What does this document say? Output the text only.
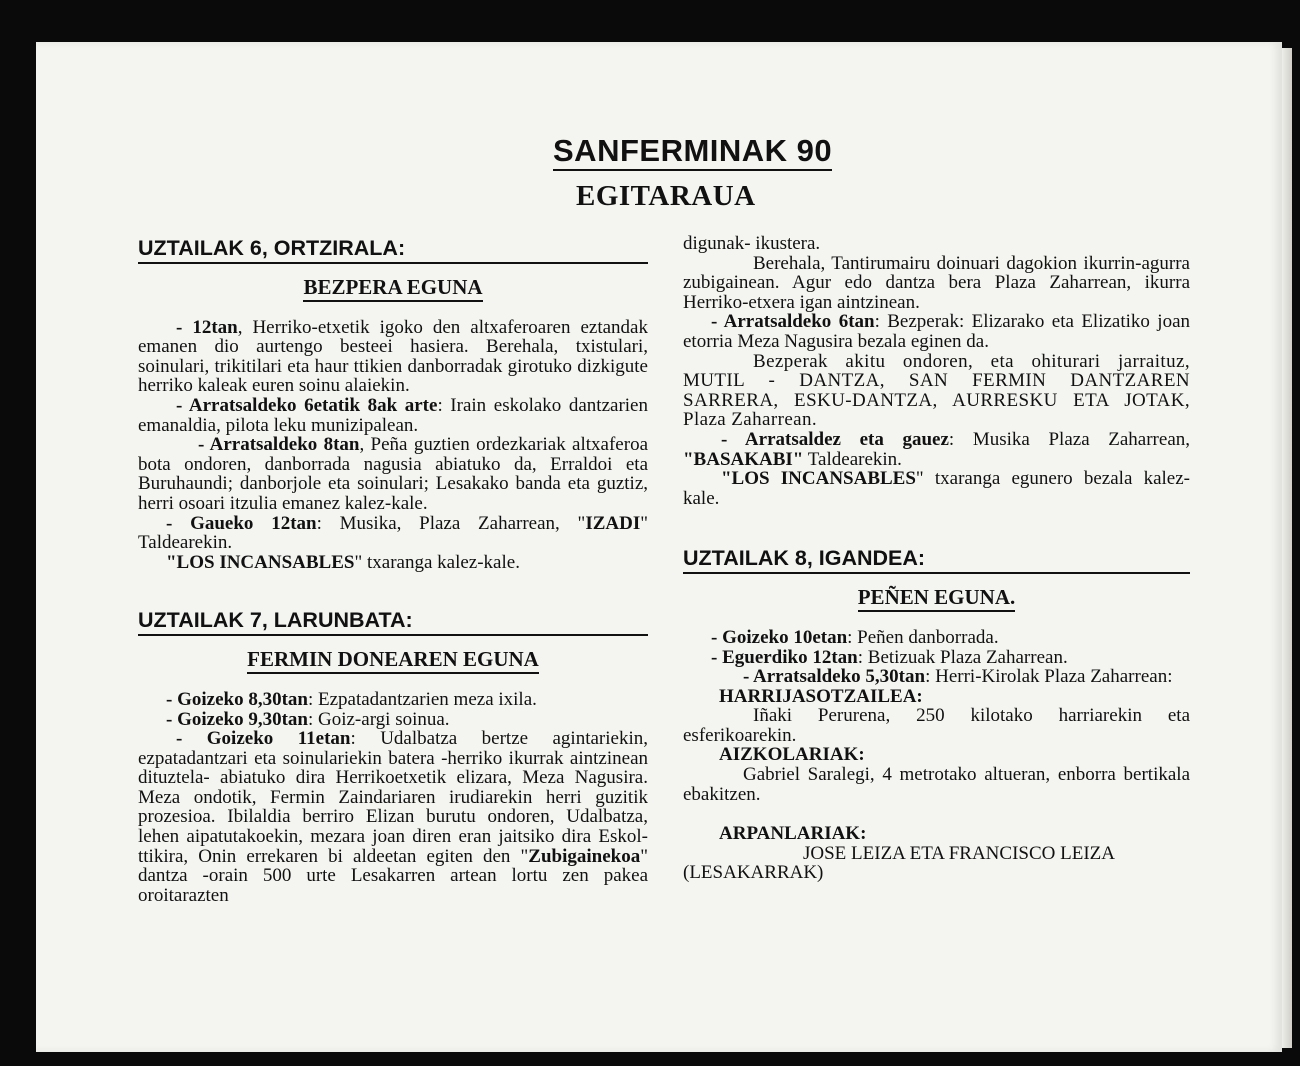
SANFERMINAK 90
EGITARAUA
UZTAILAK 6, ORTZIRALA:
BEZPERA EGUNA

- 12tan, Herriko-etxetik igoko den altxaferoaren eztandak emanen dio aurtengo besteei hasiera. Berehala, txistulari, soinulari, trikitilari eta haur ttikien danborradak girotuko dizkigute herriko kaleak euren soinu alaiekin.

- Arratsaldeko 6etatik 8ak arte: Irain eskolako dantzarien emanaldia, pilota leku munizipalean.

- Arratsaldeko 8tan, Peña guztien ordezkariak altxaferoa bota ondoren, danborrada nagusia abiatuko da, Erraldoi eta Buruhaundi; danborjole eta soinulari; Lesakako banda eta guztiz, herri osoari itzulia emanez kalez-kale.

- Gaueko 12tan: Musika, Plaza Zaharrean, "IZADI" Taldearekin.

"LOS INCANSABLES" txaranga kalez-kale.

UZTAILAK 7, LARUNBATA:
FERMIN DONEAREN EGUNA

- Goizeko 8,30tan: Ezpatadantzarien meza ixila.

- Goizeko 9,30tan: Goiz-argi soinua.

- Goizeko 11etan: Udalbatza bertze agintariekin, ezpatadantzari eta soinulariekin batera -herriko ikurrak aintzinean dituztela- abiatuko dira Herrikoetxetik elizara, Meza Nagusira. Meza ondotik, Fermin Zaindariaren irudiarekin herri guzitik prozesioa. Ibilaldia berriro Elizan burutu ondoren, Udalbatza, lehen aipatutakoekin, mezara joan diren eran jaitsiko dira Eskol-ttikira, Onin errekaren bi aldeetan egiten den "Zubigainekoa" dantza -orain 500 urte Lesakarren artean lortu zen pakea oroitarazten

digunak- ikustera.

Berehala, Tantirumairu doinuari dagokion ikurrin-agurra zubigainean. Agur edo dantza bera Plaza Zaharrean, ikurra Herriko-etxera igan aintzinean.

- Arratsaldeko 6tan: Bezperak: Elizarako eta Elizatiko joan etorria Meza Nagusira bezala eginen da.

Bezperak akitu ondoren, eta ohiturari jarraituz, MUTIL - DANTZA, SAN FERMIN DANTZAREN SARRERA, ESKU-DANTZA, AURRESKU ETA JOTAK, Plaza Zaharrean.

- Arratsaldez eta gauez: Musika Plaza Zaharrean, "BASAKABI" Taldearekin.

"LOS INCANSABLES" txaranga egunero bezala kalez-kale.

UZTAILAK 8, IGANDEA:
PEÑEN EGUNA.

- Goizeko 10etan: Peñen danborrada.

- Eguerdiko 12tan: Betizuak Plaza Zaharrean.

- Arratsaldeko 5,30tan: Herri-Kirolak Plaza Zaharrean:

HARRIJASOTZAILEA:

Iñaki Perurena, 250 kilotako harriarekin eta esferikoarekin.

AIZKOLARIAK:

Gabriel Saralegi, 4 metrotako altueran, enborra bertikala ebakitzen.

ARPANLARIAK:

JOSE LEIZA ETA FRANCISCO LEIZA (LESAKARRAK)
